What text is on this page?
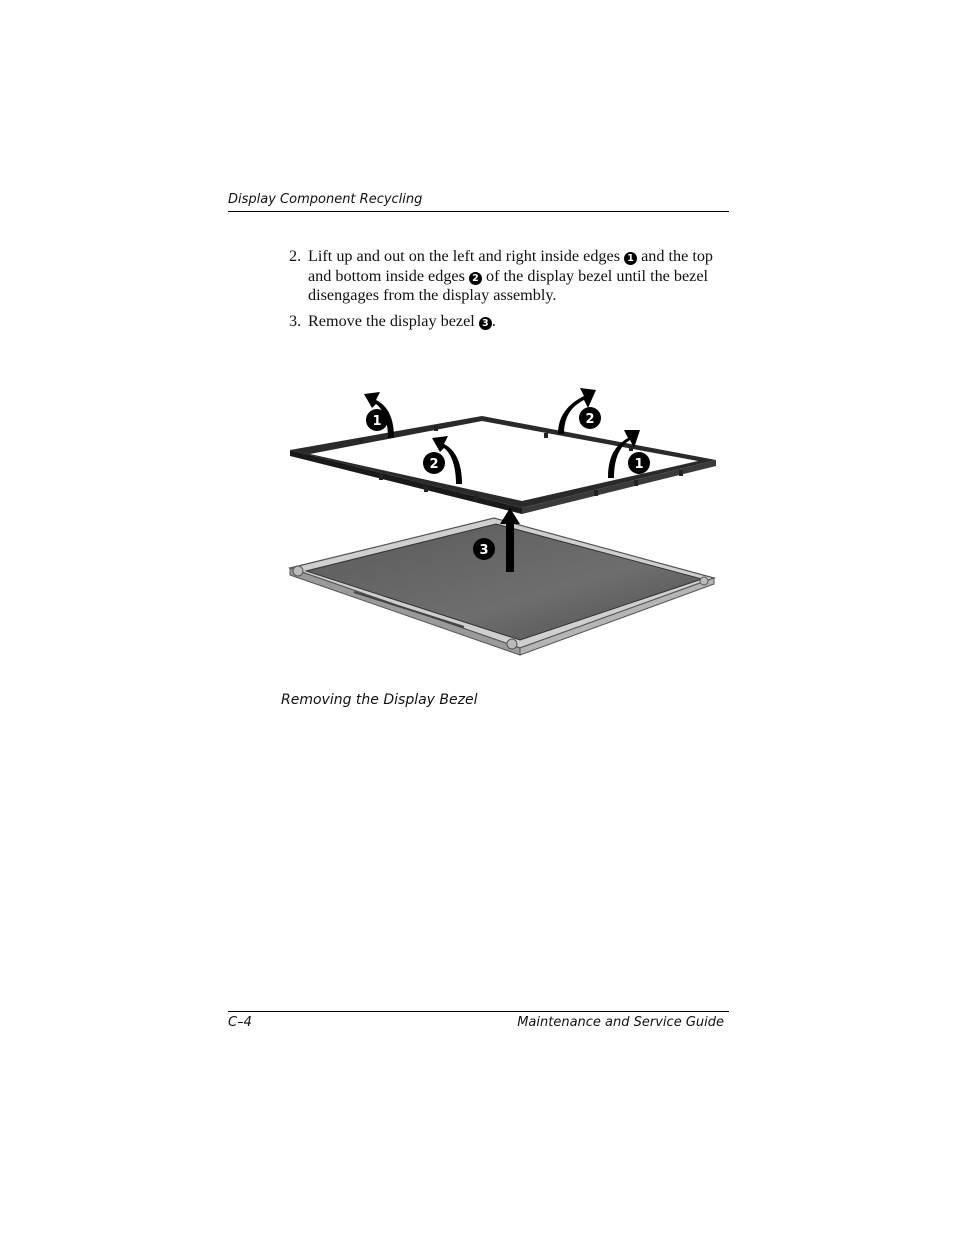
Display Component Recycling
2. Lift up and out on the left and right inside edges 1 and the top and bottom inside edges 2 of the display bezel until the bezel disengages from the display assembly.
3. Remove the display bezel 3 .
1
2	1
2
3
Removing the Display Bezel
C–4	Maintenance and Service Guide
